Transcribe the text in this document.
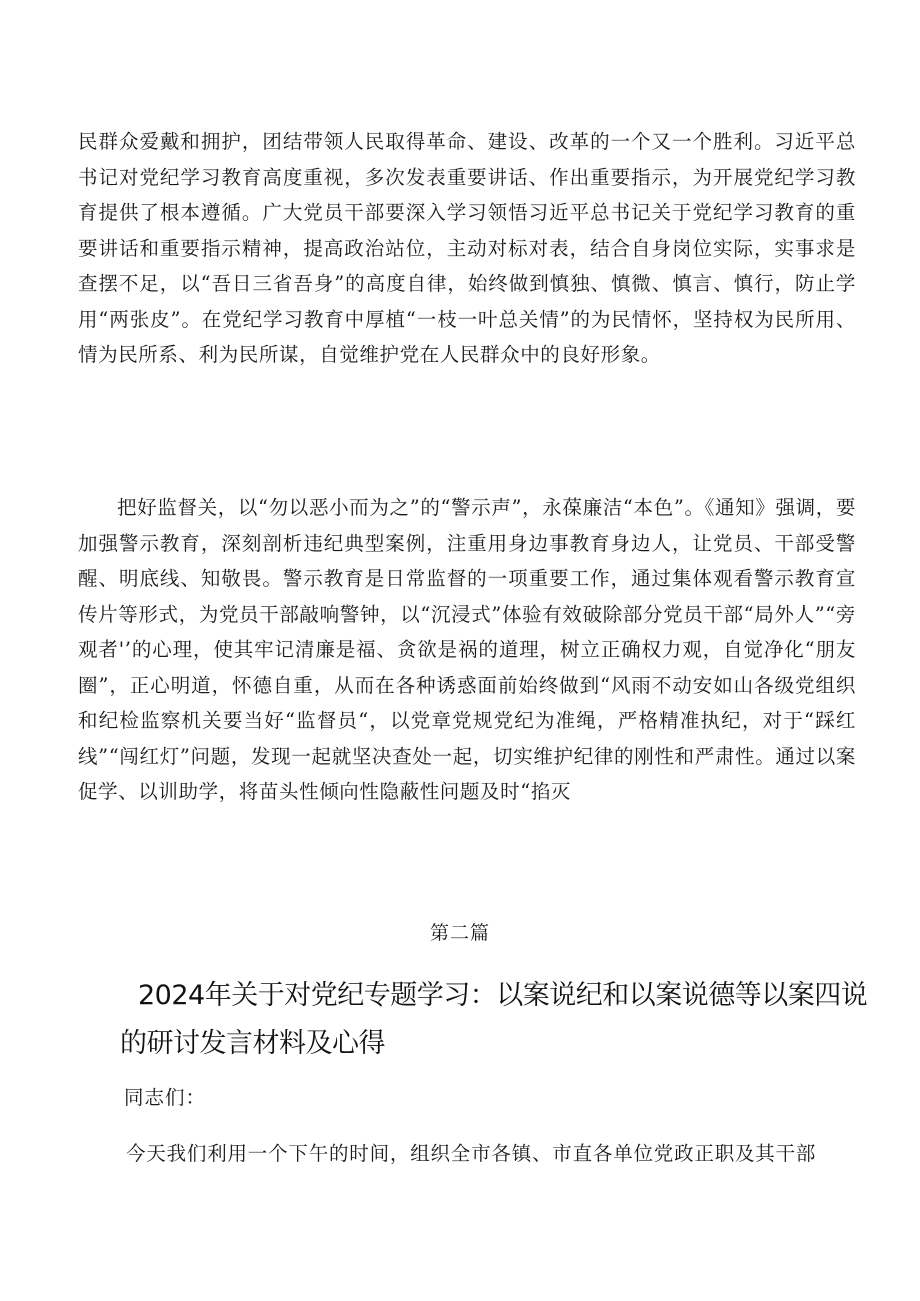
民群众爱戴和拥护，团结带领人民取得革命、建设、改革的一个又一个胜利。习近平总书记对党纪学习教育高度重视，多次发表重要讲话、作出重要指示，为开展党纪学习教育提供了根本遵循。广大党员干部要深入学习领悟习近平总书记关于党纪学习教育的重要讲话和重要指示精神，提高政治站位，主动对标对表，结合自身岗位实际，实事求是查摆不足，以“吾日三省吾身”的高度自律，始终做到慎独、慎微、慎言、慎行，防止学用“两张皮”。在党纪学习教育中厚植“一枝一叶总关情”的为民情怀，坚持权为民所用、情为民所系、利为民所谋，自觉维护党在人民群众中的良好形象。

把好监督关，以“勿以恶小而为之”的“警示声”，永葆廉洁“本色”。《通知》强调，要加强警示教育，深刻剖析违纪典型案例，注重用身边事教育身边人，让党员、干部受警醒、明底线、知敬畏。警示教育是日常监督的一项重要工作，通过集体观看警示教育宣传片等形式，为党员干部敲响警钟，以“沉浸式”体验有效破除部分党员干部“局外人”“旁观者'’的心理，使其牢记清廉是福、贪欲是祸的道理，树立正确权力观，自觉净化“朋友圈”，正心明道，怀德自重，从而在各种诱惑面前始终做到“风雨不动安如山各级党组织和纪检监察机关要当好“监督员“，以党章党规党纪为准绳，严格精准执纪，对于“踩红线”“闯红灯”问题，发现一起就坚决查处一起，切实维护纪律的刚性和严肃性。通过以案促学、以训助学，将苗头性倾向性隐蔽性问题及时“掐灭

第二篇

2024年关于对党纪专题学习：以案说纪和以案说德等以案四说的研讨发言材料及心得

同志们：

今天我们利用一个下午的时间，组织全市各镇、市直各单位党政正职及其干部
